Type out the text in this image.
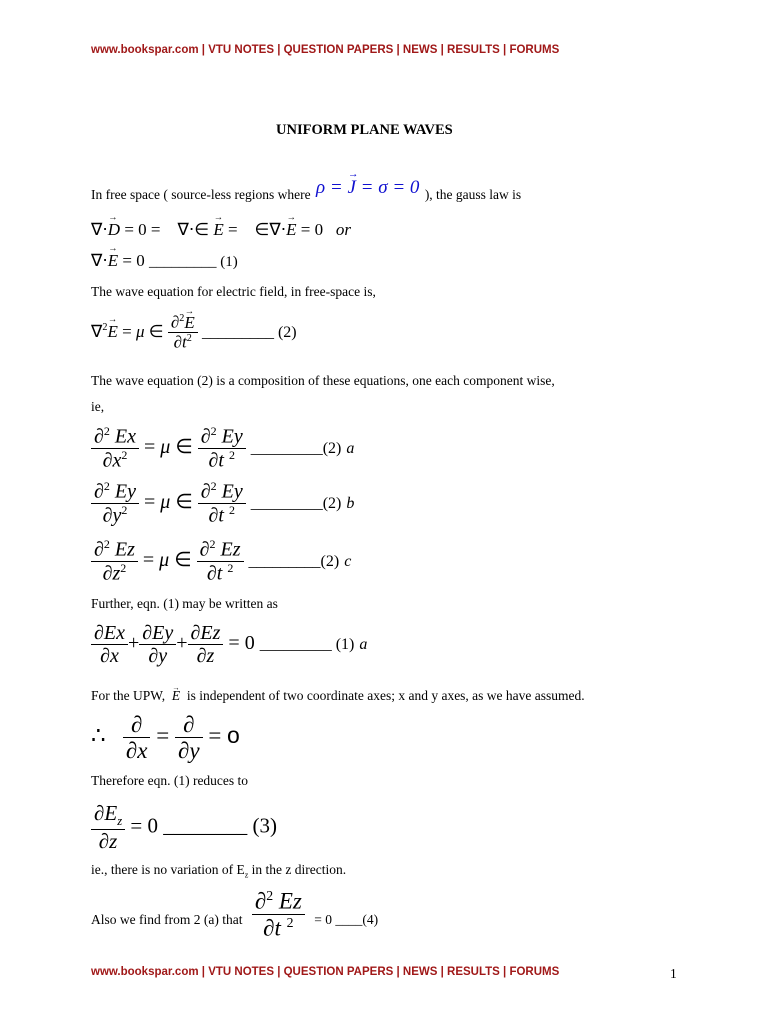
www.bookspar.com | VTU NOTES | QUESTION PAPERS | NEWS | RESULTS | FORUMS
UNIFORM PLANE WAVES
In free space ( source-less regions where ρ = → J = σ = 0 ), the gauss law is
∇⋅→ D = 0 =    ∇⋅∈ → E =    ∈∇⋅→ E = 0   or
∇⋅→ E = 0 _________ (1)
The wave equation for electric field, in free-space is,
∇$^2$→ E = μ ∈ $\frac{\partial^2\to E}{\partial t^2}$ _________ (2)
The wave equation (2) is a composition of these equations, one each component wise,
ie,
$\frac{\partial^2 Ex}{\partial x^2} = \mu$ ∈ $\frac{\partial^2 Ey}{\partial t ^2}$ _________(2) a
$\frac{\partial^2 Ey}{\partial y^2} = \mu$ ∈ $\frac{\partial^2 Ey}{\partial t ^2}$ _________(2) b
$\frac{\partial^2 Ez}{\partial z^2} = \mu$ ∈ $\frac{\partial^2 Ez}{\partial t ^2}$ _________(2) c
Further, eqn. (1) may be written as
$\frac{\partial Ex}{\partial x} + \frac{\partial Ey}{\partial y} + \frac{\partial Ez}{\partial z} = 0$ _________ (1) a
For the UPW,  → E is independent of two coordinate axes; x and y axes, as we have assumed.
∴ $\frac{\partial}{\partial x} = \frac{\partial}{\partial y} = o$
Therefore eqn. (1) reduces to
$\frac{\partial E_z}{\partial z} = 0$ ________ (3)
ie., there is no variation of $E_z$ in the z direction.
Also we find from 2 (a) that $\frac{\partial^2 Ez}{\partial t ^2} = 0$ ____(4)
www.bookspar.com | VTU NOTES | QUESTION PAPERS | NEWS | RESULTS | FORUMS	1
